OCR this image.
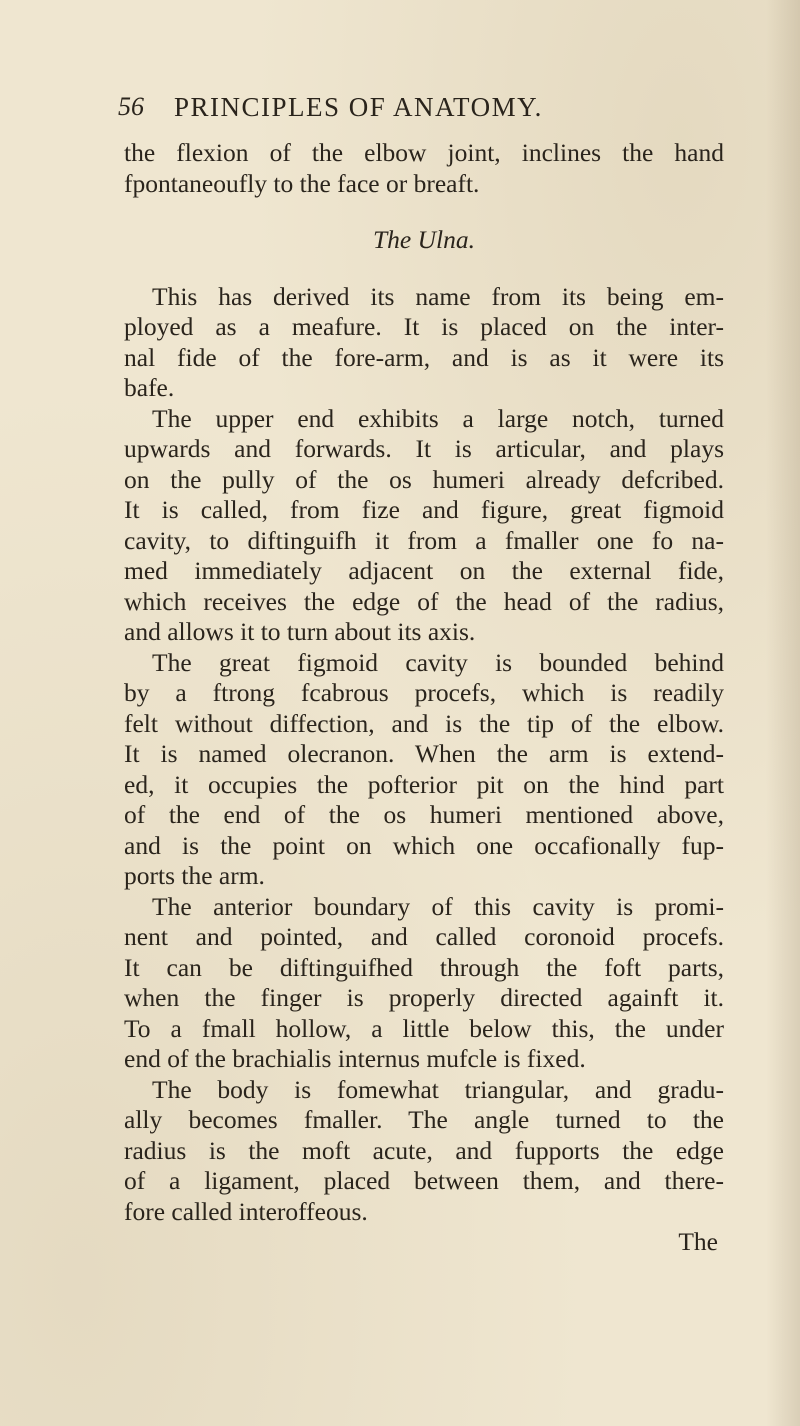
56 PRINCIPLES OF ANATOMY.
the flexion of the elbow joint, inclines the hand
fpontaneoufly to the face or breaft.
The Ulna.
This has derived its name from its being em-
ployed as a meafure. It is placed on the inter-
nal fide of the fore-arm, and is as it were its
bafe.
The upper end exhibits a large notch, turned
upwards and forwards. It is articular, and plays
on the pully of the os humeri already defcribed.
It is called, from fize and figure, great figmoid
cavity, to diftinguifh it from a fmaller one fo na-
med immediately adjacent on the external fide,
which receives the edge of the head of the radius,
and allows it to turn about its axis.
The great figmoid cavity is bounded behind
by a ftrong fcabrous procefs, which is readily
felt without diffection, and is the tip of the elbow.
It is named olecranon. When the arm is extend-
ed, it occupies the pofterior pit on the hind part
of the end of the os humeri mentioned above,
and is the point on which one occafionally fup-
ports the arm.
The anterior boundary of this cavity is promi-
nent and pointed, and called coronoid procefs.
It can be diftinguifhed through the foft parts,
when the finger is properly directed againft it.
To a fmall hollow, a little below this, the under
end of the brachialis internus mufcle is fixed.
The body is fomewhat triangular, and gradu-
ally becomes fmaller. The angle turned to the
radius is the moft acute, and fupports the edge
of a ligament, placed between them, and there-
fore called interoffeous.
The
